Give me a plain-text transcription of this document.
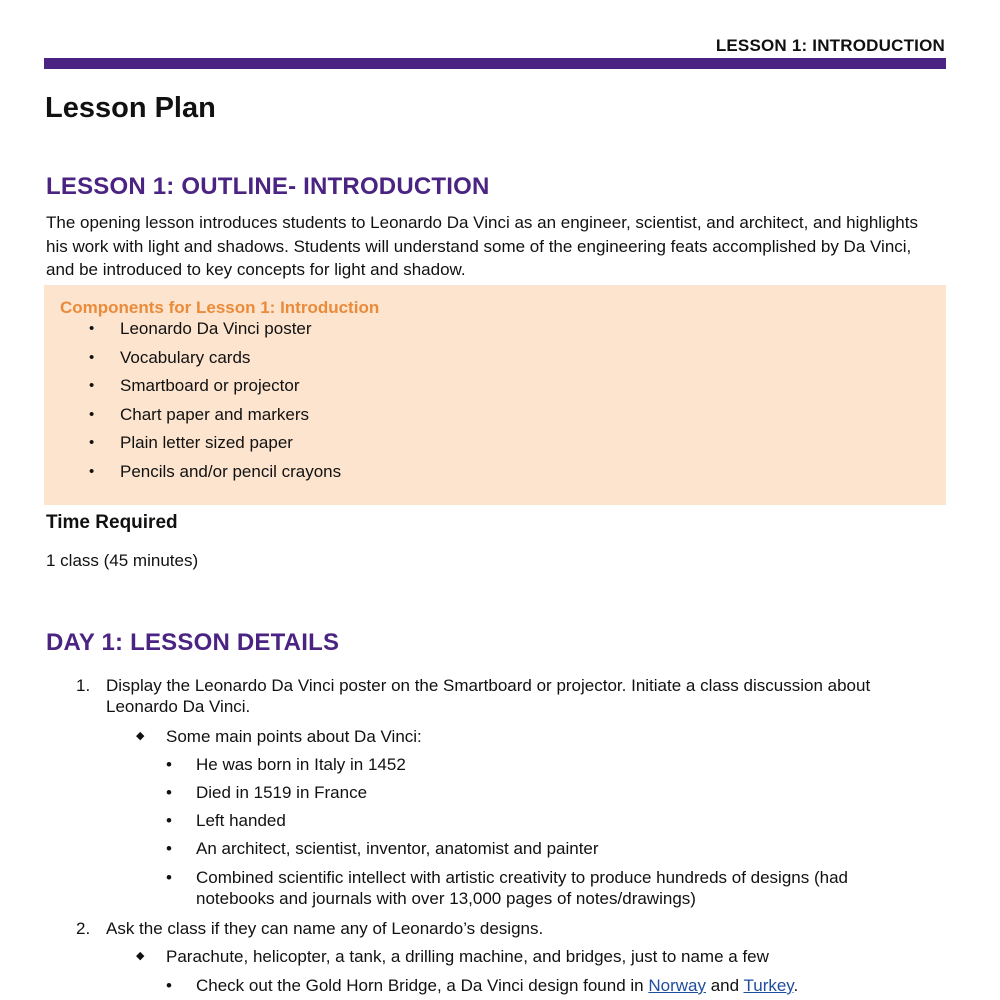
LESSON 1: INTRODUCTION
Lesson Plan
LESSON 1: OUTLINE- INTRODUCTION

The opening lesson introduces students to Leonardo Da Vinci as an engineer, scientist, and architect, and highlights his work with light and shadows. Students will understand some of the engineering feats accomplished by Da Vinci, and be introduced to key concepts for light and shadow.

Components for Lesson 1: Introduction
• Leonardo Da Vinci poster
• Vocabulary cards
• Smartboard or projector
• Chart paper and markers
• Plain letter sized paper
• Pencils and/or pencil crayons
Time Required
1 class (45 minutes)
DAY 1: LESSON DETAILS
1. Display the Leonardo Da Vinci poster on the Smartboard or projector. Initiate a class discussion about Leonardo Da Vinci.
◆ Some main points about Da Vinci:
• He was born in Italy in 1452
• Died in 1519 in France
• Left handed
• An architect, scientist, inventor, anatomist and painter
• Combined scientific intellect with artistic creativity to produce hundreds of designs (had notebooks and journals with over 13,000 pages of notes/drawings)
2. Ask the class if they can name any of Leonardo’s designs.
◆ Parachute, helicopter, a tank, a drilling machine, and bridges, just to name a few
• Check out the Gold Horn Bridge, a Da Vinci design found in Norway and Turkey.
